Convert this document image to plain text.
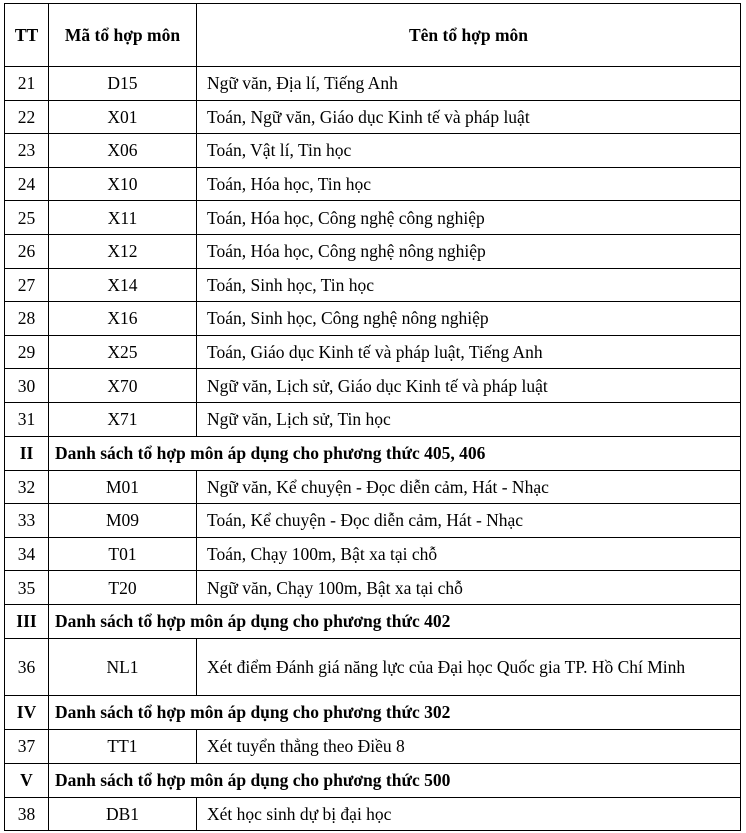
TT	Mã tổ hợp môn	Tên tổ hợp môn
21	D15	Ngữ văn, Địa lí, Tiếng Anh
22	X01	Toán, Ngữ văn, Giáo dục Kinh tế và pháp luật
23	X06	Toán, Vật lí, Tin học
24	X10	Toán, Hóa học, Tin học
25	X11	Toán, Hóa học, Công nghệ công nghiệp
26	X12	Toán, Hóa học, Công nghệ nông nghiệp
27	X14	Toán, Sinh học, Tin học
28	X16	Toán, Sinh học, Công nghệ nông nghiệp
29	X25	Toán, Giáo dục Kinh tế và pháp luật, Tiếng Anh
30	X70	Ngữ văn, Lịch sử, Giáo dục Kinh tế và pháp luật
31	X71	Ngữ văn, Lịch sử, Tin học
II	Danh sách tổ hợp môn áp dụng cho phương thức 405, 406	
32	M01	Ngữ văn, Kể chuyện - Đọc diễn cảm, Hát - Nhạc
33	M09	Toán, Kể chuyện - Đọc diễn cảm, Hát - Nhạc
34	T01	Toán, Chạy 100m, Bật xa tại chỗ
35	T20	Ngữ văn, Chạy 100m, Bật xa tại chỗ
III	Danh sách tổ hợp môn áp dụng cho phương thức 402	
36	NL1	Xét điểm Đánh giá năng lực của Đại học Quốc gia TP. Hồ Chí Minh
IV	Danh sách tổ hợp môn áp dụng cho phương thức 302	
37	TT1	Xét tuyển thẳng theo Điều 8
V	Danh sách tổ hợp môn áp dụng cho phương thức 500	
38	DB1	Xét học sinh dự bị đại học
